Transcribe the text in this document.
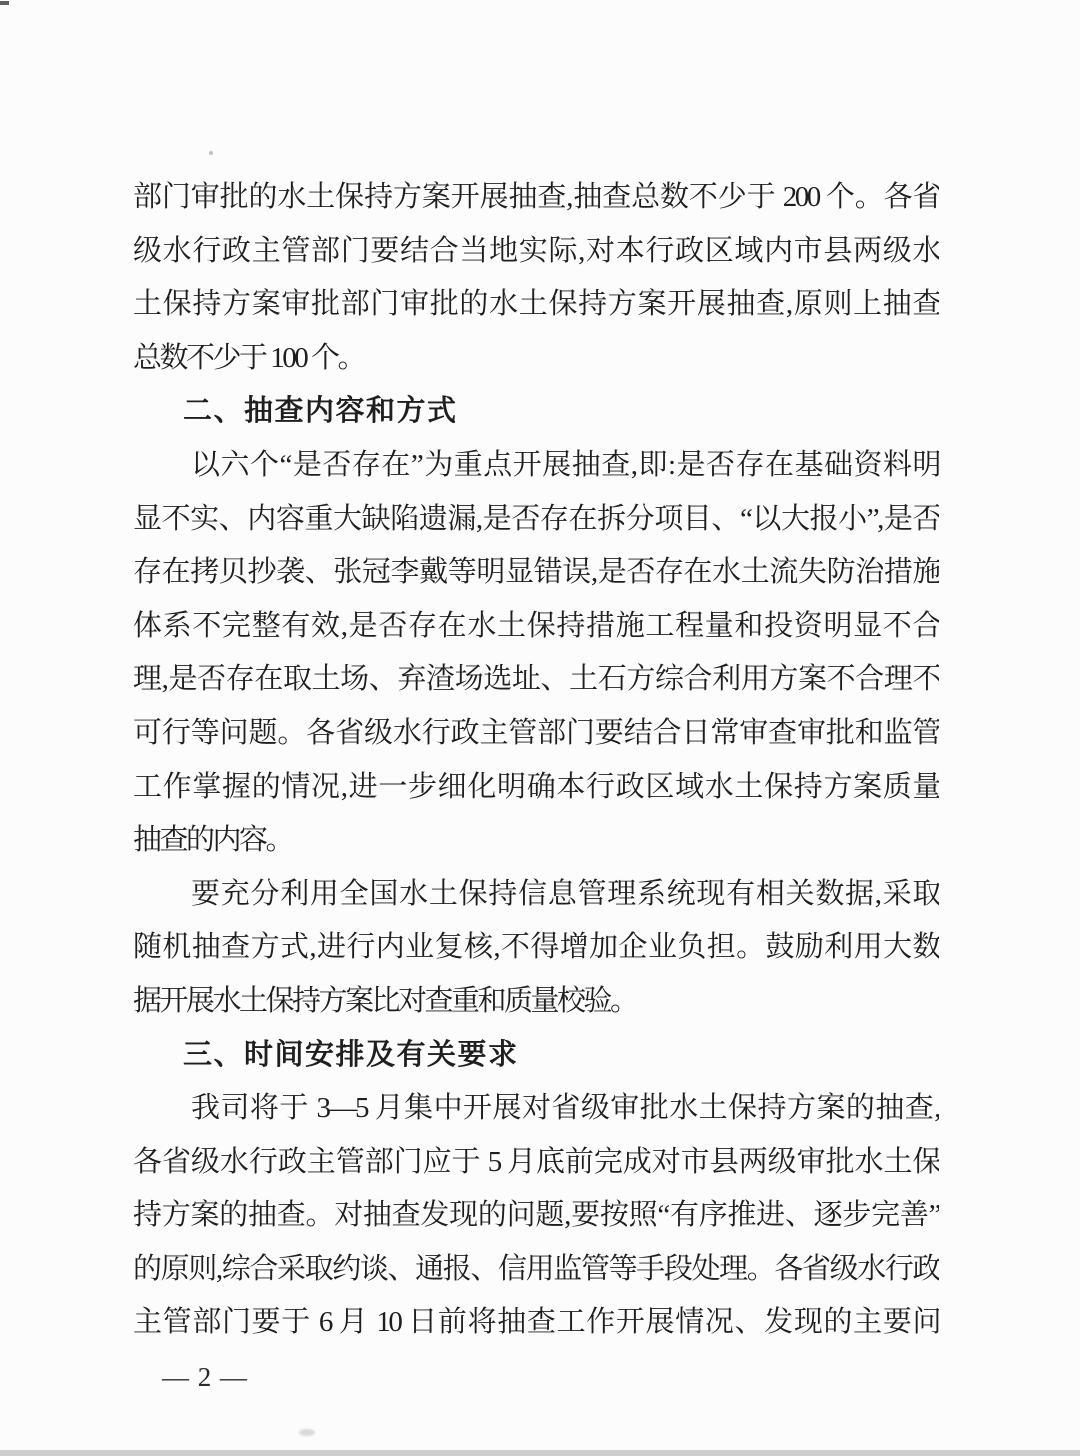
部门审批的水土保持方案开展抽查,抽查总数不少于 200 个。各省
级水行政主管部门要结合当地实际,对本行政区域内市县两级水
土保持方案审批部门审批的水土保持方案开展抽查,原则上抽查
总数不少于 100 个。
二、抽查内容和方式
以六个“是否存在”为重点开展抽查,即:是否存在基础资料明
显不实、内容重大缺陷遗漏,是否存在拆分项目、“以大报小”,是否
存在拷贝抄袭、张冠李戴等明显错误,是否存在水土流失防治措施
体系不完整有效,是否存在水土保持措施工程量和投资明显不合
理,是否存在取土场、弃渣场选址、土石方综合利用方案不合理不
可行等问题。各省级水行政主管部门要结合日常审查审批和监管
工作掌握的情况,进一步细化明确本行政区域水土保持方案质量
抽查的内容。
要充分利用全国水土保持信息管理系统现有相关数据,采取
随机抽查方式,进行内业复核,不得增加企业负担。鼓励利用大数
据开展水土保持方案比对查重和质量校验。
三、时间安排及有关要求
我司将于 3—5 月集中开展对省级审批水土保持方案的抽查,
各省级水行政主管部门应于 5 月底前完成对市县两级审批水土保
持方案的抽查。对抽查发现的问题,要按照“有序推进、逐步完善”
的原则,综合采取约谈、通报、信用监管等手段处理。各省级水行政
主管部门要于 6 月 10 日前将抽查工作开展情况、发现的主要问
— 2 —
